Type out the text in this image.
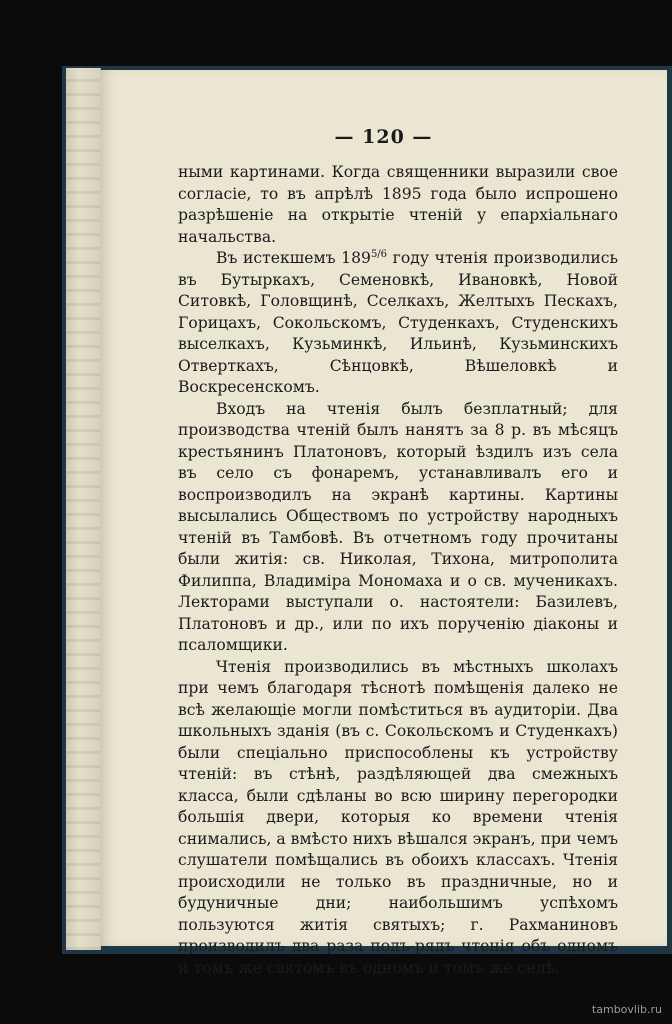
— 120 —

ными картинами. Когда священники выразили свое согласіе, то въ апрѣлѣ 1895 года было испрошено разрѣшеніе на открытіе чтеній у епархіальнаго начальства.

Въ истекшемъ $189^{5/6}$ году чтенія производились въ Бутыркахъ, Семеновкѣ, Ивановкѣ, Новой Ситовкѣ, Головщинѣ, Сселкахъ, Желтыхъ Пескахъ, Горицахъ, Сокольскомъ, Студенкахъ, Студенскихъ выселкахъ, Кузьминкѣ, Ильинѣ, Кузьминскихъ Отверткахъ, Сѣнцовкѣ, Вѣшеловкѣ и Воскресенскомъ.

Входъ на чтенія былъ безплатный; для производства чтеній былъ нанятъ за 8 р. въ мѣсяцъ крестьянинъ Платоновъ, который ѣздилъ изъ села въ село съ фонаремъ, устанавливалъ его и воспроизводилъ на экранѣ картины. Картины высылались Обществомъ по устройству народныхъ чтеній въ Тамбовѣ. Въ отчетномъ году прочитаны были житія: св. Николая, Тихона, митрополита Филиппа, Владиміра Мономаха и о св. мученикахъ. Лекторами выступали о. настоятели: Базилевъ, Платоновъ и др., или по ихъ порученію діаконы и псаломщики.

Чтенія производились въ мѣстныхъ школахъ при чемъ благодаря тѣснотѣ помѣщенія далеко не всѣ желающіе могли помѣститься въ аудиторіи. Два школьныхъ зданія (въ с. Сокольскомъ и Студенкахъ) были спеціально приспособлены къ устройству чтеній: въ стѣнѣ, раздѣляющей два смежныхъ класса, были сдѣланы во всю ширину перегородки большія двери, которыя ко времени чтенія снимались, а вмѣсто нихъ вѣшался экранъ, при чемъ слушатели помѣщались въ обоихъ классахъ. Чтенія происходили не только въ праздничные, но и будуничные дни; наибольшимъ успѣхомъ пользуются житія святыхъ; г. Рахманиновъ производилъ два раза подъ-рядъ чтенія объ одномъ и томъ же святомъ въ одномъ и томъ же селѣ.

tambovlib.ru
